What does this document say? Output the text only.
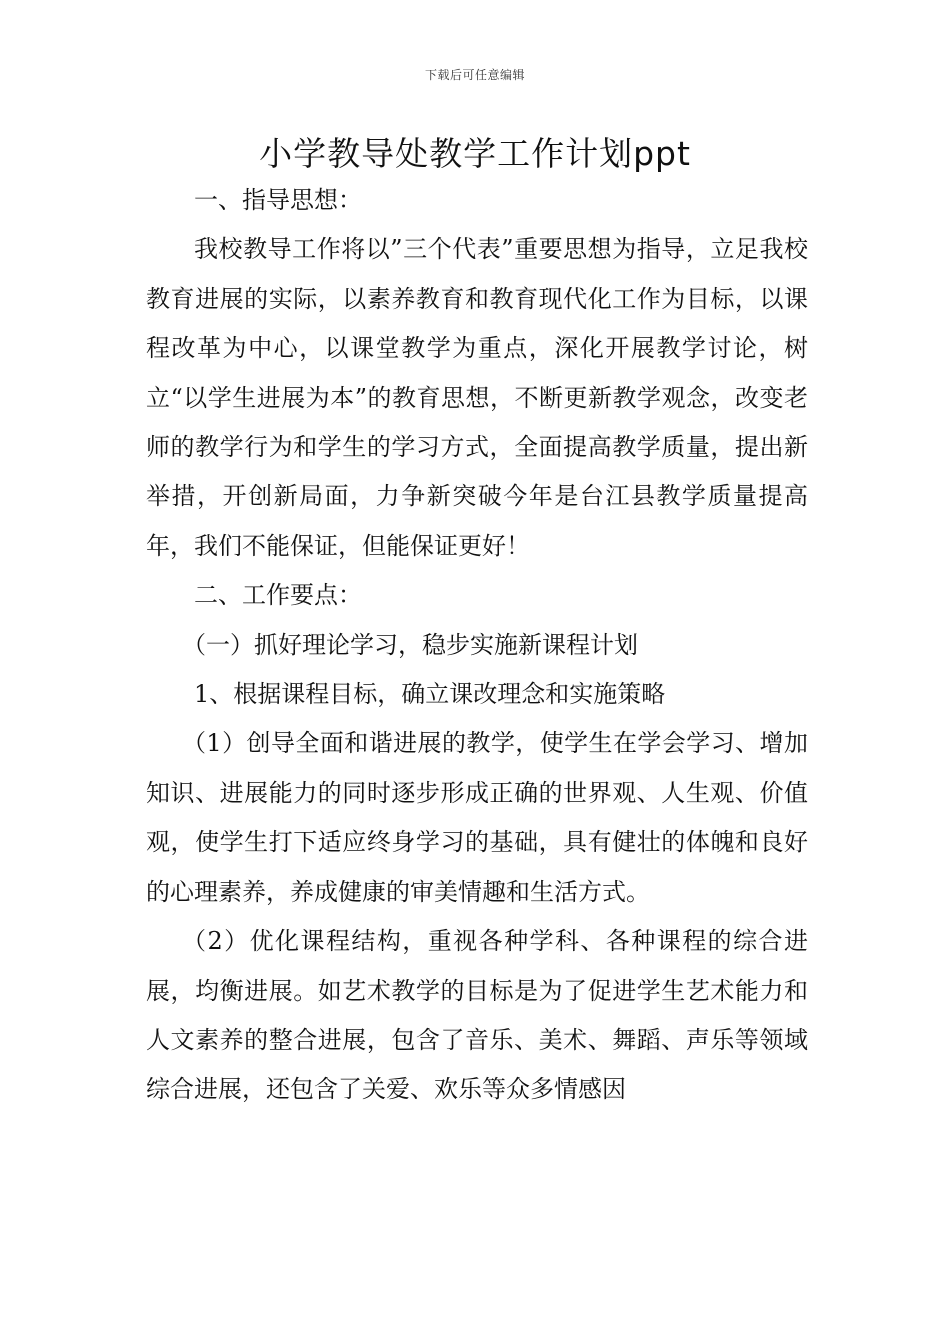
下载后可任意编辑
小学教导处教学工作计划ppt

一、指导思想：

我校教导工作将以”三个代表”重要思想为指导，立足我校教育进展的实际，以素养教育和教育现代化工作为目标，以课程改革为中心，以课堂教学为重点，深化开展教学讨论，树立“以学生进展为本”的教育思想，不断更新教学观念，改变老师的教学行为和学生的学习方式，全面提高教学质量，提出新举措，开创新局面，力争新突破今年是台江县教学质量提高年，我们不能保证，但能保证更好！

二、工作要点：

（一）抓好理论学习，稳步实施新课程计划

1、根据课程目标，确立课改理念和实施策略

（1）创导全面和谐进展的教学，使学生在学会学习、增加知识、进展能力的同时逐步形成正确的世界观、人生观、价值观，使学生打下适应终身学习的基础，具有健壮的体魄和良好的心理素养，养成健康的审美情趣和生活方式。

（2）优化课程结构，重视各种学科、各种课程的综合进展，均衡进展。如艺术教学的目标是为了促进学生艺术能力和人文素养的整合进展，包含了音乐、美术、舞蹈、声乐等领域综合进展，还包含了关爱、欢乐等众多情感因
